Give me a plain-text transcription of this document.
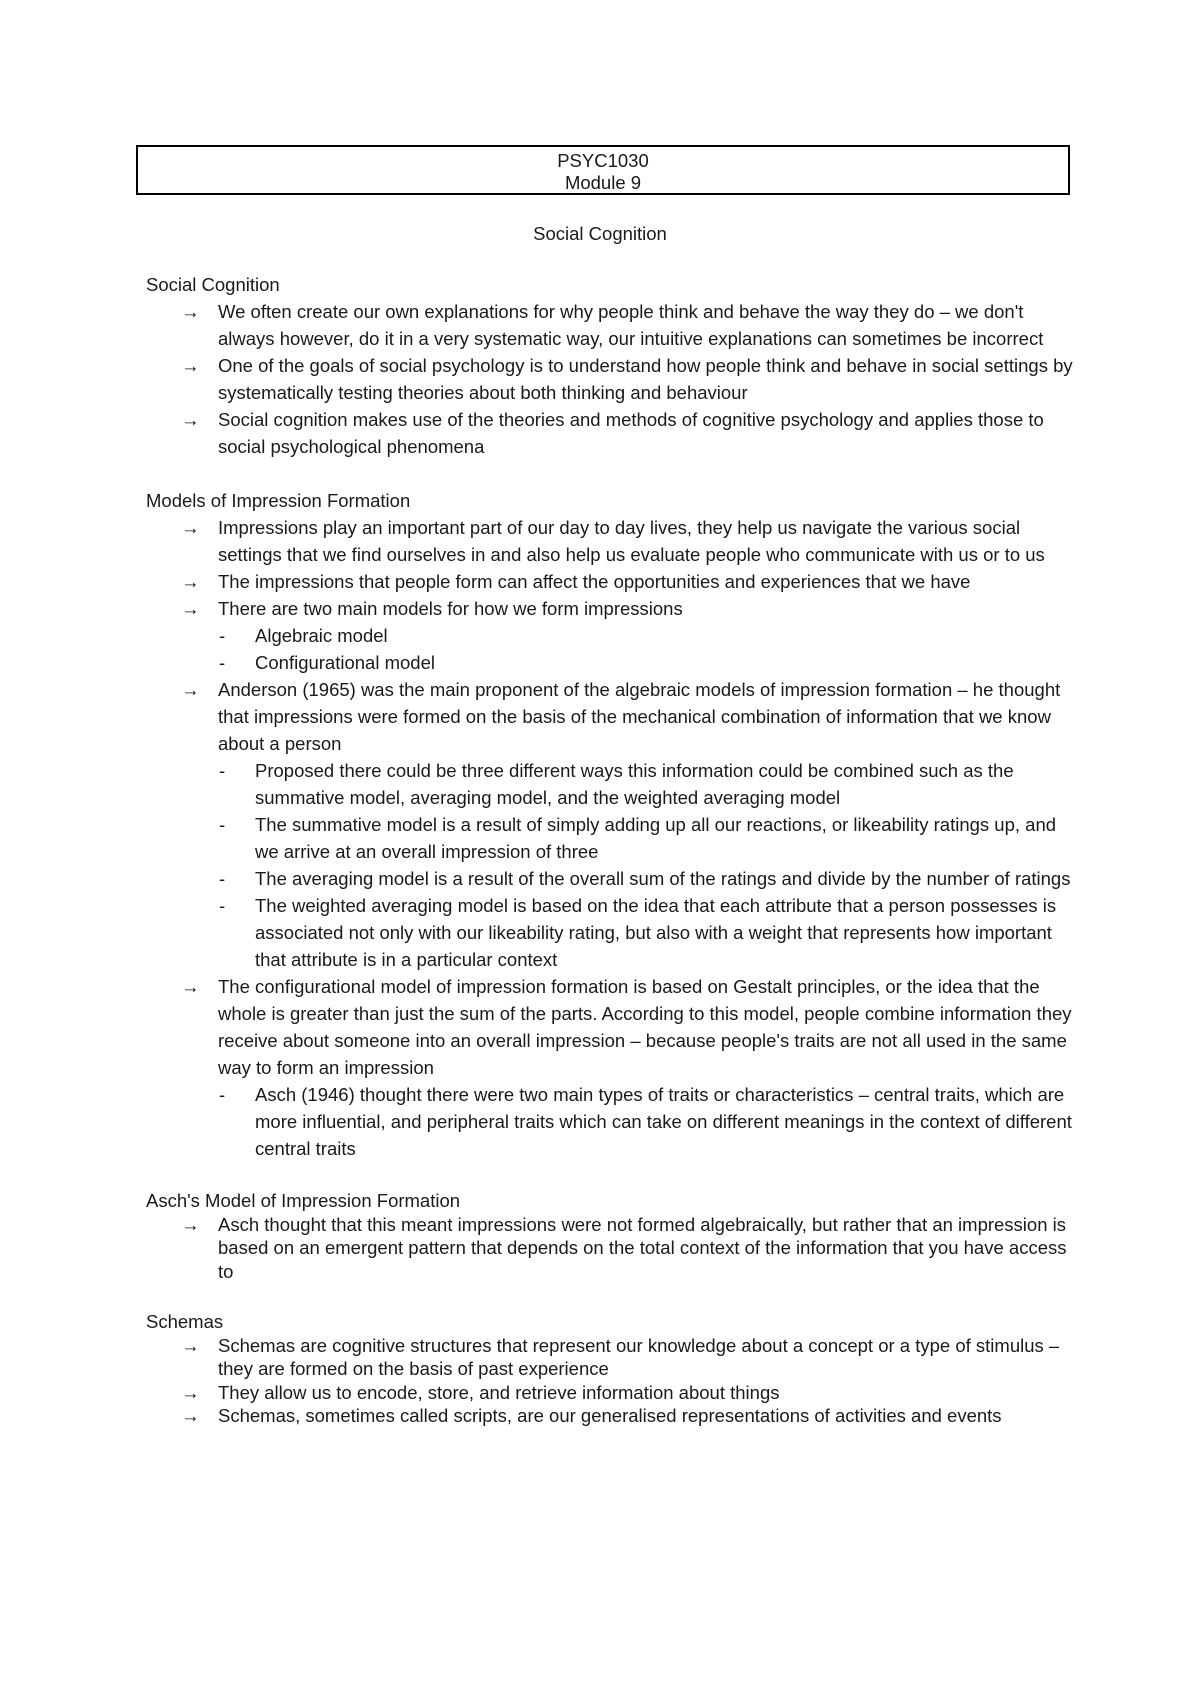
PSYC1030
Module 9
Social Cognition
Social Cognition
→ We often create our own explanations for why people think and behave the way they do – we don't always however, do it in a very systematic way, our intuitive explanations can sometimes be incorrect
→ One of the goals of social psychology is to understand how people think and behave in social settings by systematically testing theories about both thinking and behaviour
→ Social cognition makes use of the theories and methods of cognitive psychology and applies those to social psychological phenomena
Models of Impression Formation
→ Impressions play an important part of our day to day lives, they help us navigate the various social settings that we find ourselves in and also help us evaluate people who communicate with us or to us
→ The impressions that people form can affect the opportunities and experiences that we have
→ There are two main models for how we form impressions
- Algebraic model
- Configurational model
→ Anderson (1965) was the main proponent of the algebraic models of impression formation – he thought that impressions were formed on the basis of the mechanical combination of information that we know about a person
- Proposed there could be three different ways this information could be combined such as the summative model, averaging model, and the weighted averaging model
- The summative model is a result of simply adding up all our reactions, or likeability ratings up, and we arrive at an overall impression of three
- The averaging model is a result of the overall sum of the ratings and divide by the number of ratings
- The weighted averaging model is based on the idea that each attribute that a person possesses is associated not only with our likeability rating, but also with a weight that represents how important that attribute is in a particular context
→ The configurational model of impression formation is based on Gestalt principles, or the idea that the whole is greater than just the sum of the parts. According to this model, people combine information they receive about someone into an overall impression – because people's traits are not all used in the same way to form an impression
- Asch (1946) thought there were two main types of traits or characteristics – central traits, which are more influential, and peripheral traits which can take on different meanings in the context of different central traits
Asch's Model of Impression Formation
→ Asch thought that this meant impressions were not formed algebraically, but rather that an impression is based on an emergent pattern that depends on the total context of the information that you have access to
Schemas
→ Schemas are cognitive structures that represent our knowledge about a concept or a type of stimulus – they are formed on the basis of past experience
→ They allow us to encode, store, and retrieve information about things
→ Schemas, sometimes called scripts, are our generalised representations of activities and events
